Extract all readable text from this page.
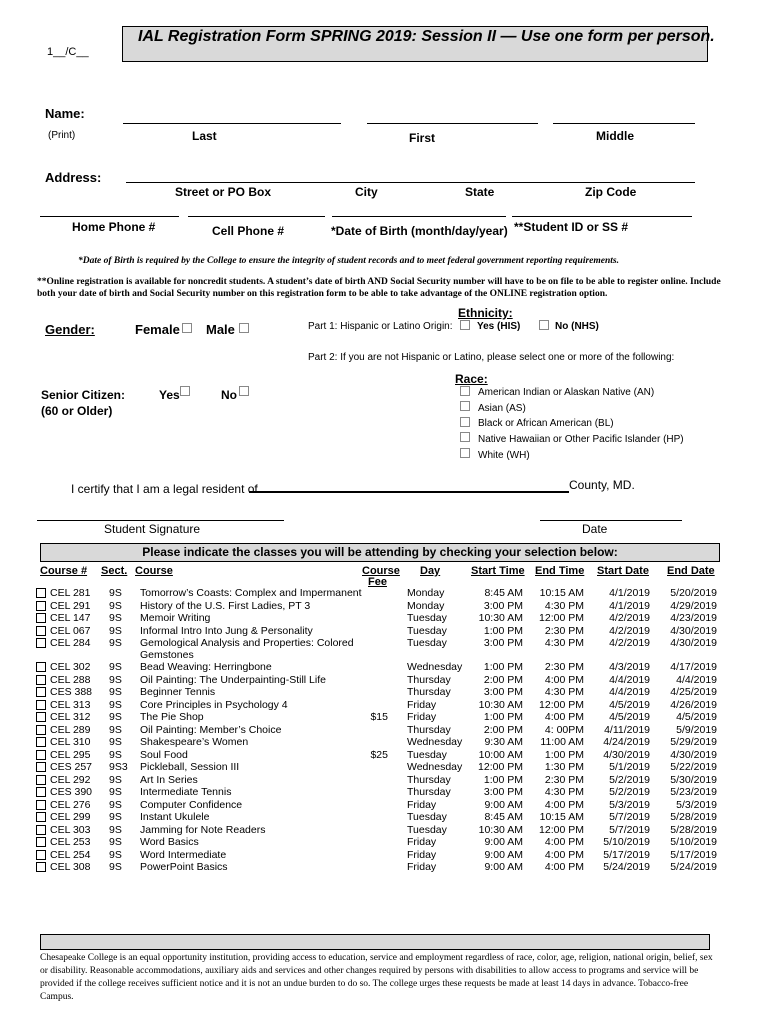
IAL Registration Form SPRING 2019: Session II — Use one form per person.
1__/C__
Name:
(Print)	Last	First	Middle
Address:
Street or PO Box	City	State	Zip Code
Home Phone #	Cell Phone #	*Date of Birth (month/day/year) **Student ID or SS #
*Date of Birth is required by the College to ensure the integrity of student records and to meet federal government reporting requirements.
**Online registration is available for noncredit students. A student’s date of birth AND Social Security number will have to be on file to be able to register online. Include both your date of birth and Social Security number on this registration form to be able to take advantage of the ONLINE registration option.
Gender:	Female Male
Ethnicity:
Part 1: Hispanic or Latino Origin: Yes (HIS)	No (NHS)
Part 2: If you are not Hispanic or Latino, please select one or more of the following:
Race:
American Indian or Alaskan Native (AN)
Asian (AS)
Black or African American (BL)
Native Hawaiian or Other Pacific Islander (HP)
White (WH)
Senior Citizen:
(60 or Older)
Yes	No
I certify that I am a legal resident of	County, MD.
Student Signature	Date
Please indicate the classes you will be attending by checking your selection below:
Course # Sect. Course	Course
Fee
Day	Start Time End Time Start Date End Date
CEL 281 9S Tomorrow’s Coasts: Complex and Impermanent	Monday	8:45 AM	10:15 AM	4/1/2019	5/20/2019
CEL 291 9S History of the U.S. First Ladies, PT 3	Monday	3:00 PM	4:30 PM	4/1/2019	4/29/2019
CEL 147 9S Memoir Writing	Tuesday	10:30 AM	12:00 PM	4/2/2019	4/23/2019
CEL 067 9S Informal Intro Into Jung & Personality	Tuesday	1:00 PM	2:30 PM	4/2/2019	4/30/2019
CEL 284 9S Gemological Analysis and Properties: Colored
Gemstones
Tuesday	3:00 PM	4:30 PM	4/2/2019	4/30/2019
CEL 302 9S Bead Weaving: Herringbone	Wednesday	1:00 PM	2:30 PM	4/3/2019	4/17/2019
CEL 288 9S Oil Painting: The Underpainting-Still Life	Thursday	2:00 PM	4:00 PM	4/4/2019	4/4/2019
CES 388 9S Beginner Tennis	Thursday	3:00 PM	4:30 PM	4/4/2019	4/25/2019
CEL 313 9S Core Principles in Psychology 4	Friday	10:30 AM	12:00 PM	4/5/2019	4/26/2019
CEL 312 9S The Pie Shop	$15 Friday	1:00 PM	4:00 PM	4/5/2019	4/5/2019
CEL 289 9S Oil Painting: Member’s Choice	Thursday	2:00 PM	4: 00PM	4/11/2019	5/9/2019
CEL 310 9S Shakespeare’s Women	Wednesday	9:30 AM	11:00 AM	4/24/2019	5/29/2019
CEL 295 9S Soul Food	$25 Tuesday	10:00 AM	1:00 PM	4/30/2019	4/30/2019
CES 257 9S3 Pickleball, Session III	Wednesday	12:00 PM	1:30 PM	5/1/2019	5/22/2019
CEL 292 9S Art In Series	Thursday	1:00 PM	2:30 PM	5/2/2019	5/30/2019
CES 390 9S Intermediate Tennis	Thursday	3:00 PM	4:30 PM	5/2/2019	5/23/2019
CEL 276 9S Computer Confidence	Friday	9:00 AM	4:00 PM	5/3/2019	5/3/2019
CEL 299 9S Instant Ukulele	Tuesday	8:45 AM	10:15 AM	5/7/2019	5/28/2019
CEL 303 9S Jamming for Note Readers	Tuesday	10:30 AM	12:00 PM	5/7/2019	5/28/2019
CEL 253 9S Word Basics	Friday	9:00 AM	4:00 PM	5/10/2019	5/10/2019
CEL 254 9S Word Intermediate	Friday	9:00 AM	4:00 PM	5/17/2019	5/17/2019
CEL 308 9S PowerPoint Basics	Friday	9:00 AM	4:00 PM	5/24/2019	5/24/2019
Chesapeake College is an equal opportunity institution, providing access to education, service and employment regardless of race, color, age, religion, national origin, belief, sex or disability. Reasonable accommodations, auxiliary aids and services and other changes required by persons with disabilities to allow access to programs and service will be provided if the college receives sufficient notice and it is not an undue burden to do so. The college urges these requests be made at least 14 days in advance. Tobacco-free Campus.
